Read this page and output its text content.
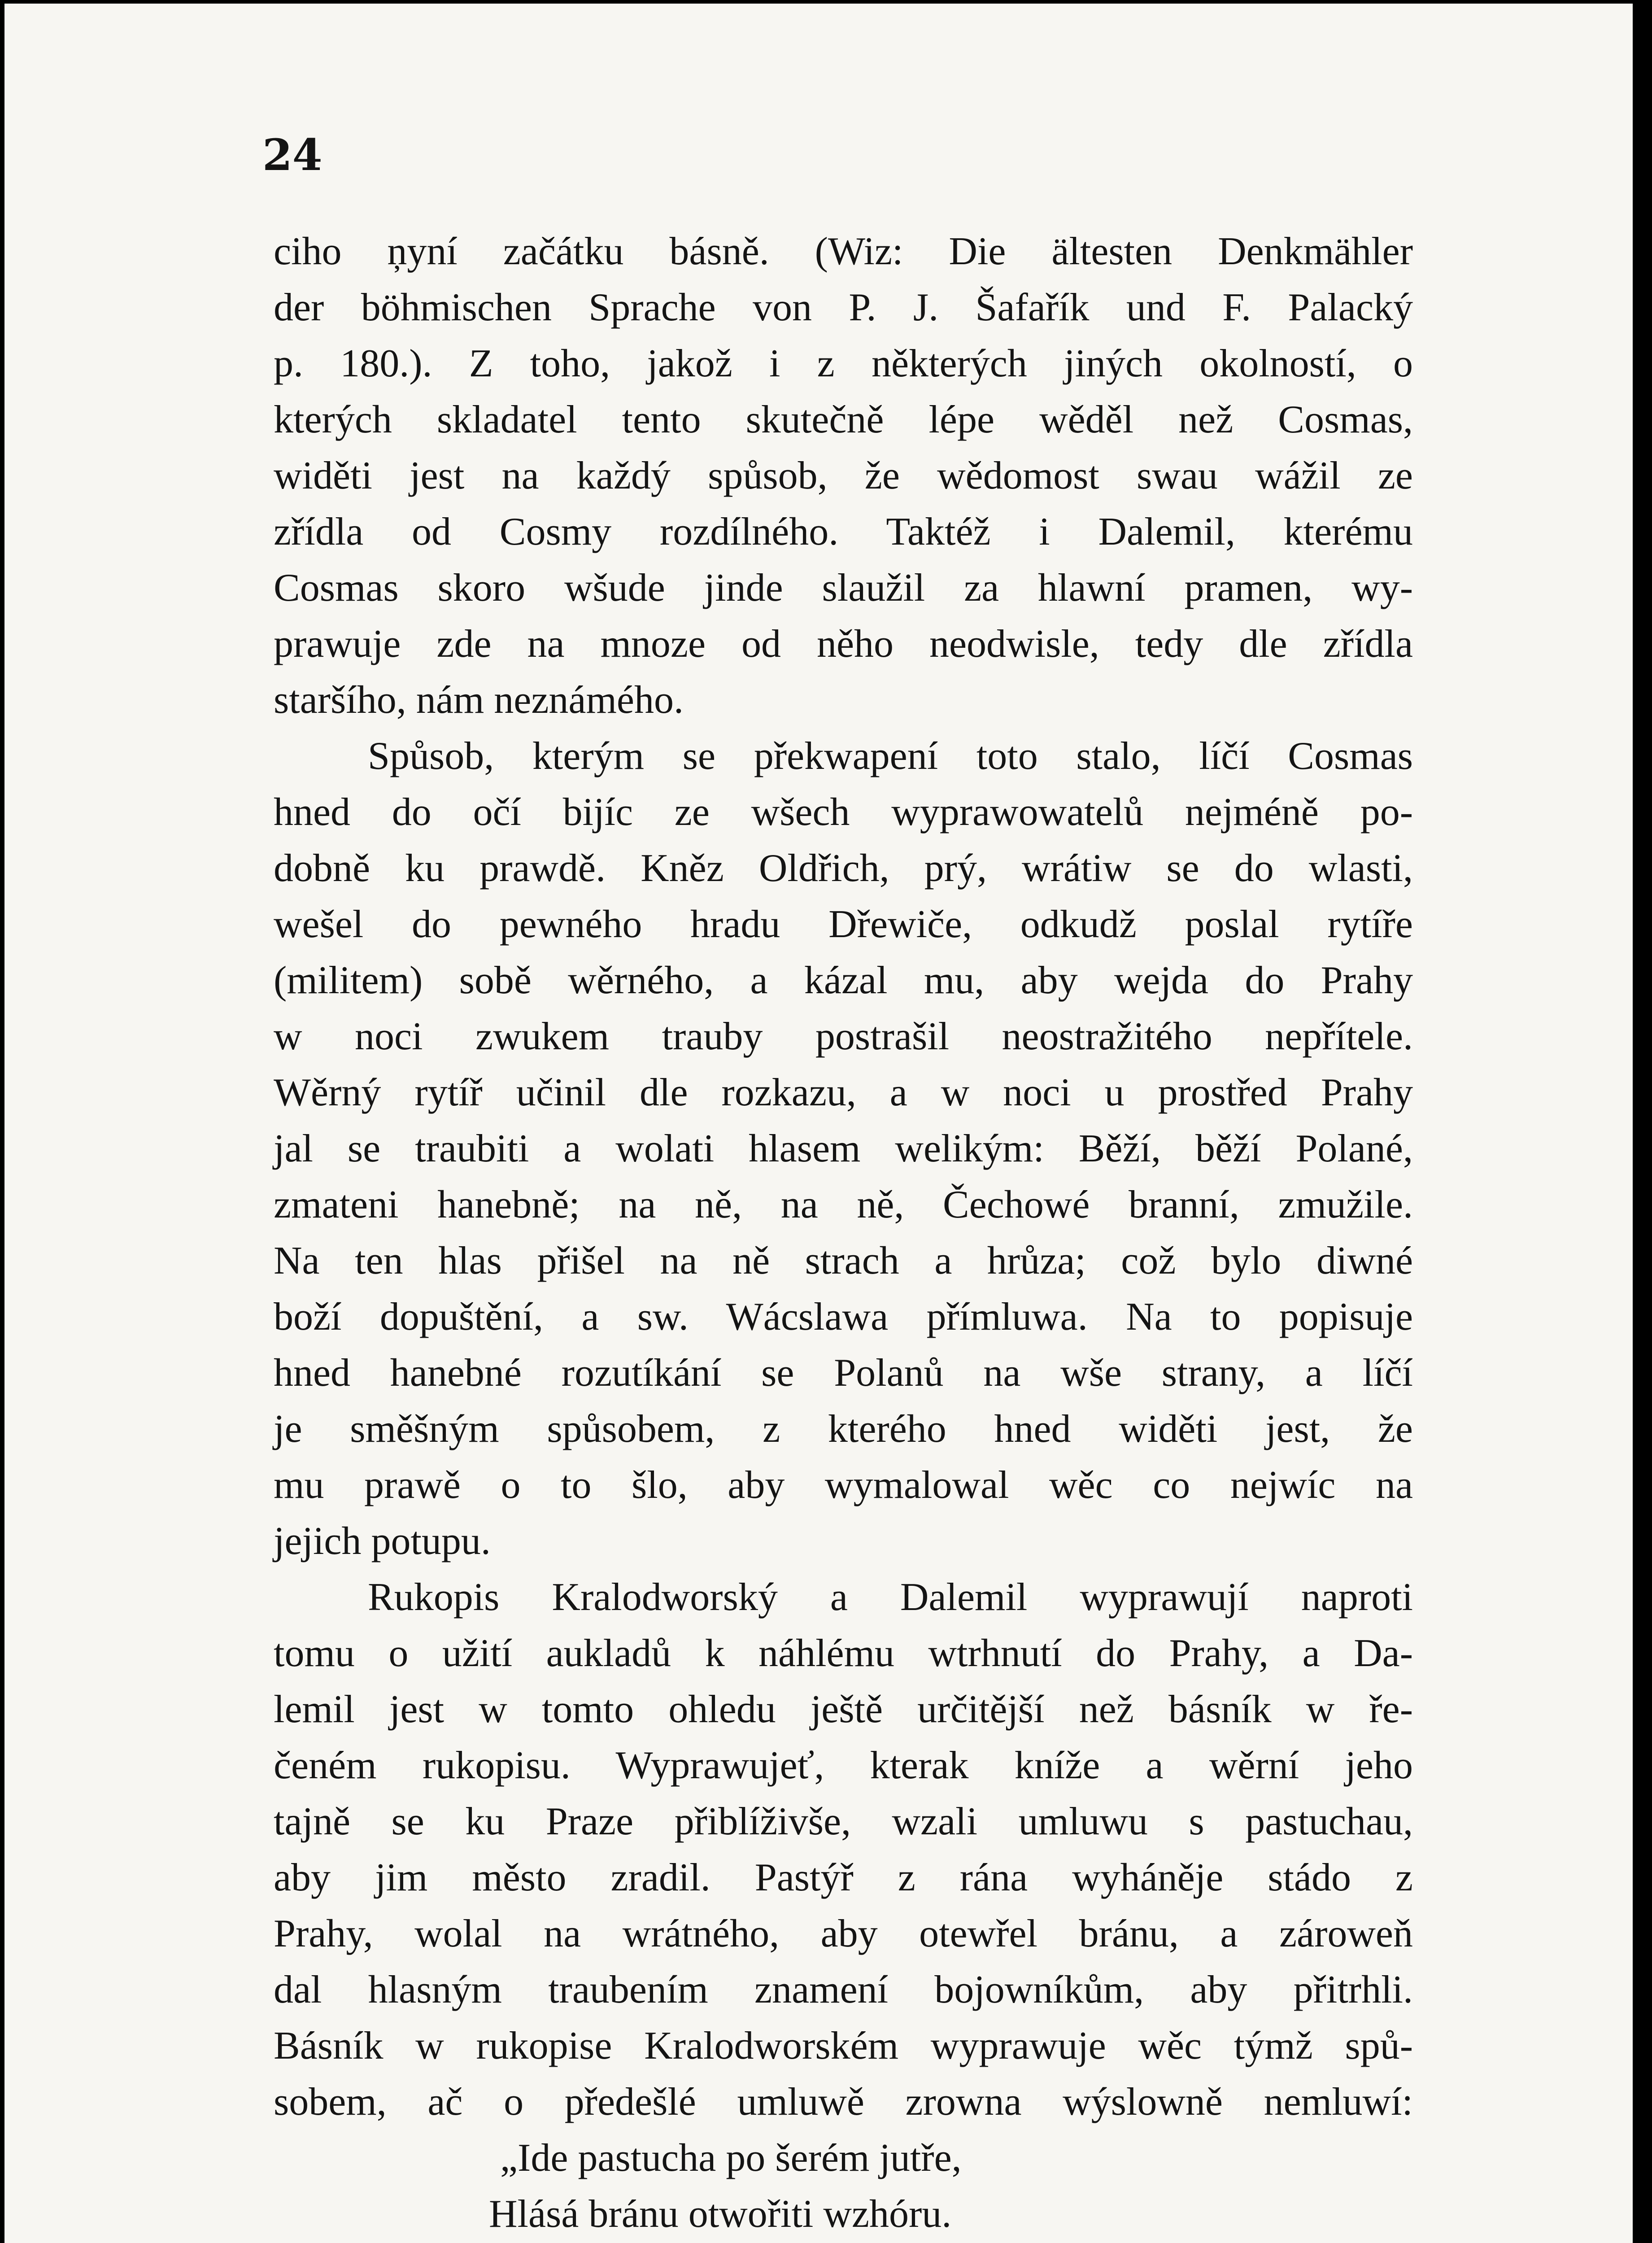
24
ciho ņyní začátku básně. (Wiz: Die ältesten Denkmähler
der böhmischen Sprache von P. J. Šafařík und F. Palacký
p. 180.). Z toho, jakož i z některých jiných okolností, o
kterých skladatel tento skutečně lépe wěděl než Cosmas,
widěti jest na každý spůsob, že wědomost swau wážil ze
zřídla od Cosmy rozdílného. Taktéž i Dalemil, kterému
Cosmas skoro wšude jinde slaužil za hlawní pramen, wy-
prawuje zde na mnoze od něho neodwisle, tedy dle zřídla
staršího, nám neznámého.
Spůsob, kterým se překwapení toto stalo, líčí Cosmas
hned do očí bijíc ze wšech wyprawowatelů nejméně po-
dobně ku prawdě. Kněz Oldřich, prý, wrátiw se do wlasti,
wešel do pewného hradu Dřewiče, odkudž poslal rytíře
(militem) sobě wěrného, a kázal mu, aby wejda do Prahy
w noci zwukem trauby postrašil neostražitého nepřítele.
Wěrný rytíř učinil dle rozkazu, a w noci u prostřed Prahy
jal se traubiti a wolati hlasem welikým: Běží, běží Polané,
zmateni hanebně; na ně, na ně, Čechowé branní, zmužile.
Na ten hlas přišel na ně strach a hrůza; což bylo diwné
boží dopuštění, a sw. Wácslawa přímluwa. Na to popisuje
hned hanebné rozutíkání se Polanů na wše strany, a líčí
je směšným spůsobem, z kterého hned widěti jest, že
mu prawě o to šlo, aby wymalowal wěc co nejwíc na
jejich potupu.
Rukopis Kralodworský a Dalemil wyprawují naproti
tomu o užití aukladů k náhlému wtrhnutí do Prahy, a Da-
lemil jest w tomto ohledu ještě určitější než básník w ře-
čeném rukopisu. Wyprawujeť, kterak kníže a wěrní jeho
tajně se ku Praze přiblíživše, wzali umluwu s pastuchau,
aby jim město zradil. Pastýř z rána wyháněje stádo z
Prahy, wolal na wrátného, aby otewřel bránu, a zároweň
dal hlasným traubením znamení bojowníkům, aby přitrhli.
Básník w rukopise Kralodworském wyprawuje wěc týmž spů-
sobem, ač o předešlé umluwě zrowna wýslowně nemluwí:
„Ide pastucha po šerém jutře,
Hlásá bránu otwořiti wzhóru.
